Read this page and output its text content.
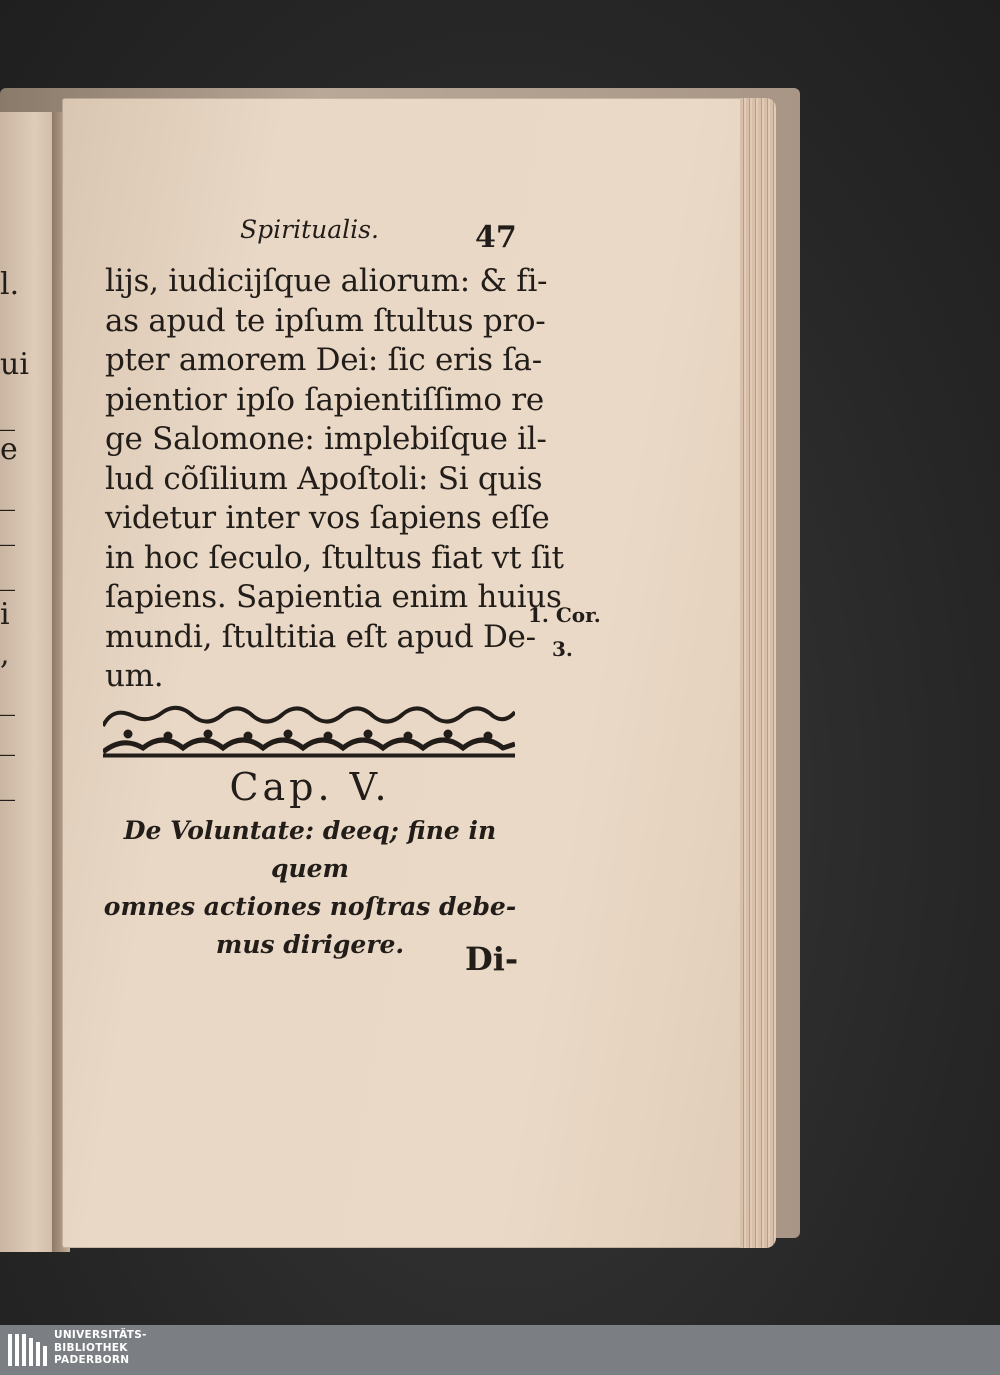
l.
ui
_
e
_
_
_
i
,
_
_
_
Spiritualis.	47
lijs, iudicijſque aliorum: & fi-
as apud te ipſum ſtultus pro-
pter amorem Dei: ſic eris ſa-
pientior ipſo ſapientiſſimo re
ge Salomone: implebiſque il-
lud cõſilium Apoſtoli: Si quis
videtur inter vos ſapiens eſſe
in hoc ſeculo, ſtultus fiat vt ſit
ſapiens. Sapientia enim huius
mundi, ſtultitia eſt apud De-
um.
1. Cor.
3.
Cap. V.
De Voluntate: deeq; fine in quem
omnes actiones noſtras debe-
mus dirigere.	Di-
UNIVERSITÄTS-
BIBLIOTHEK
PADERBORN
